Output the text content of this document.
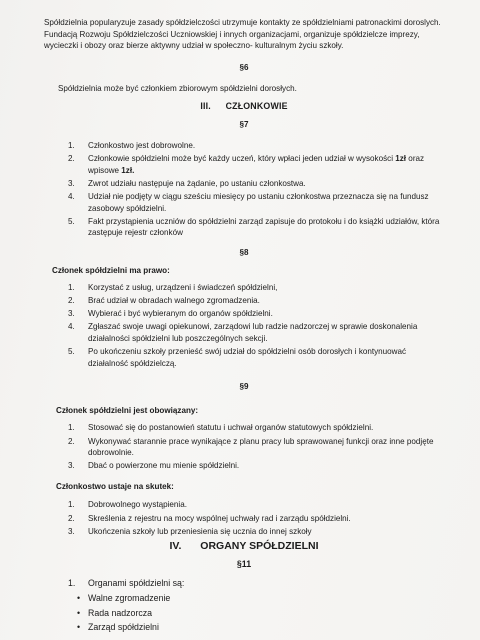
Spółdzielnia popularyzuje zasady spółdzielczości utrzymuje kontakty ze spółdzielniami patronackimi doroslych. Fundacją Rozwoju Spółdzielczości Uczniowskiej i innych organizacjami, organizuje spółdzielcze imprezy, wycieczki i obozy oraz bierze aktywny udział w społeczno- kulturalnym życiu szkoły.

§6

Spółdzielnia może być członkiem zbiorowym spółdzielni dorosłych.

III. CZŁONKOWIE
§7
1. Członkostwo jest dobrowolne.
2. Członkowie spółdzielni może być każdy uczeń, który wpłaci jeden udział w wysokości 1zł oraz wpisowe 1zł.
3. Zwrot udziału następuje na żądanie, po ustaniu członkostwa.
4. Udział nie podjęty w ciągu sześciu miesięcy po ustaniu członkostwa przeznacza się na fundusz zasobowy spółdzielni.
5. Fakt przystąpienia uczniów do spółdzielni zarząd zapisuje do protokołu i do książki udziałów, która zastępuje rejestr członków
§8
Członek spółdzielni ma prawo:
1. Korzystać z usług, urządzeni i świadczeń spółdzielni,
2. Brać udział w obradach walnego zgromadzenia.
3. Wybierać i być wybieranym do organów spółdzielni.
4. Zgłaszać swoje uwagi opiekunowi, zarządowi lub radzie nadzorczej w sprawie doskonalenia działalności spółdzielni lub poszczególnych sekcji.
5. Po ukończeniu szkoły przenieść swój udział do spółdzielni osób dorosłych i kontynuować działalność spółdzielczą.
§9
Członek spółdzielni jest obowiązany:
1. Stosować się do postanowień statutu i uchwał organów statutowych spółdzielni.
2. Wykonywać starannie prace wynikające z planu pracy lub sprawowanej funkcji oraz inne podjęte dobrowolnie.
3. Dbać o powierzone mu mienie spółdzielni.
Członkostwo ustaje na skutek:
1. Dobrowolnego wystąpienia.
2. Skreślenia z rejestru na mocy wspólnej uchwały rad i zarządu spółdzielni.
3. Ukończenia szkoły lub przeniesienia się ucznia do innej szkoły
IV. ORGANY SPÓŁDZIELNI
§11
1. Organami spółdzielni są:
• Walne zgromadzenie
• Rada nadzorcza
• Zarząd spółdzielni
